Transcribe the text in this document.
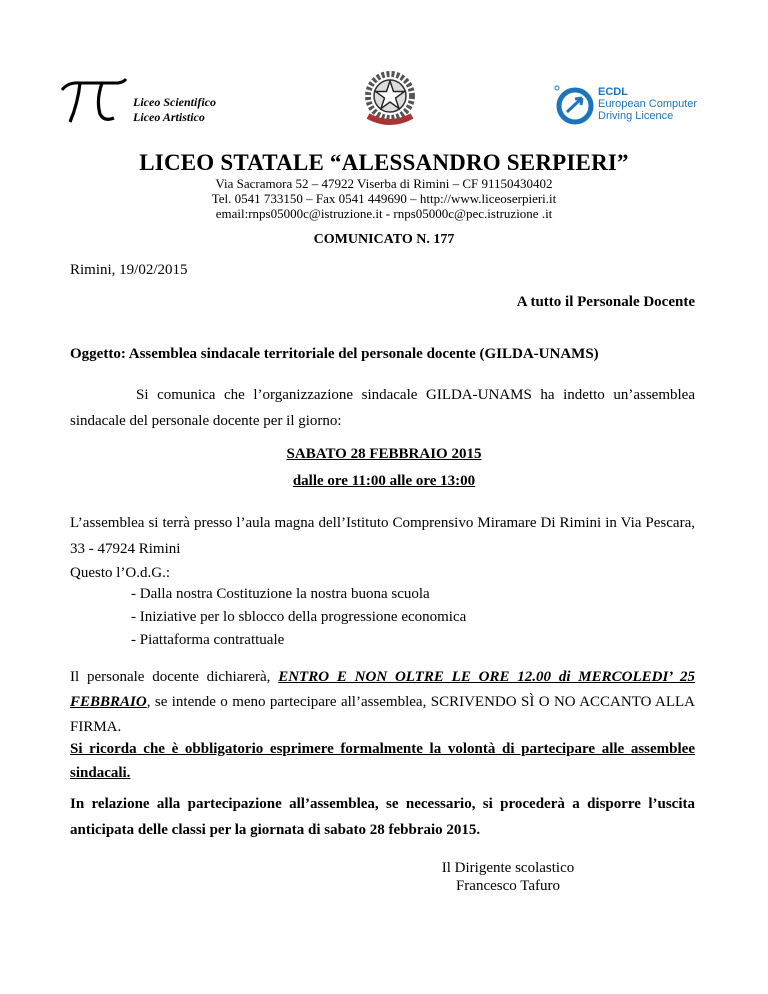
Liceo Scientifico
Liceo Artistico
ECDL
European Computer
Driving Licence
LICEO STATALE “ALESSANDRO SERPIERI”
Via Sacramora 52 – 47922 Viserba di Rimini – CF 91150430402
Tel. 0541 733150 – Fax 0541 449690 – http://www.liceoserpieri.it
email:rnps05000c@istruzione.it - rnps05000c@pec.istruzione .it
COMUNICATO N. 177
Rimini, 19/02/2015
A tutto il Personale Docente
Oggetto: Assemblea sindacale territoriale del personale docente (GILDA-UNAMS)
Si comunica che l’organizzazione sindacale GILDA-UNAMS ha indetto un’assemblea sindacale del personale docente per il giorno:
SABATO 28 FEBBRAIO 2015
dalle ore 11:00 alle ore 13:00
L’assemblea si terrà presso l’aula magna dell’Istituto Comprensivo Miramare Di Rimini in Via Pescara, 33 - 47924 Rimini
Questo l’O.d.G.:
- Dalla nostra Costituzione la nostra buona scuola
- Iniziative per lo sblocco della progressione economica
- Piattaforma contrattuale
Il personale docente dichiarerà, ENTRO E NON OLTRE LE ORE 12.00 di MERCOLEDI’ 25 FEBBRAIO, se intende o meno partecipare all’assemblea, SCRIVENDO SÌ O NO ACCANTO ALLA FIRMA.
Si ricorda che è obbligatorio esprimere formalmente la volontà di partecipare alle assemblee sindacali.
In relazione alla partecipazione all’assemblea, se necessario, si procederà a disporre l’uscita anticipata delle classi per la giornata di sabato 28 febbraio 2015.
Il Dirigente scolastico
Francesco Tafuro
